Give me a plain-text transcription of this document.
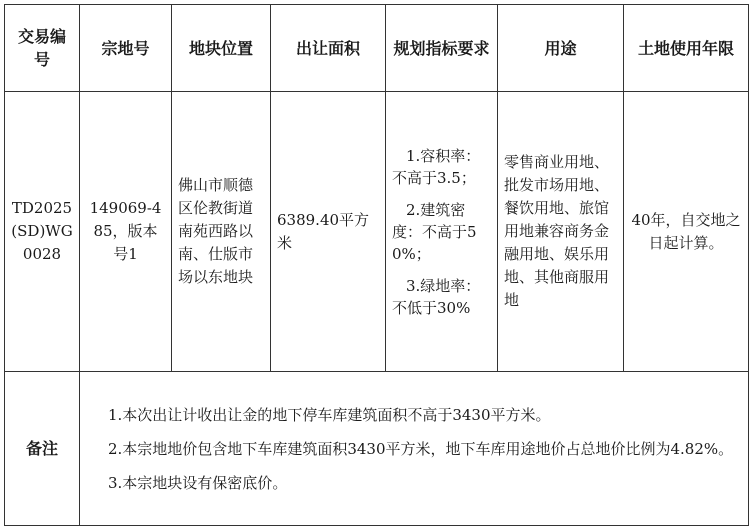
交易编号	宗地号	地块位置	出让面积	规划指标要求	用途	土地使用年限
TD2025(SD)WG0028	149069-485，版本号1	佛山市顺德区伦教街道南苑西路以南、仕版市场以东地块	6389.40平方米	1.容积率：不高于3.5；
2.建筑密度：不高于50%；
3.绿地率：不低于30%	零售商业用地、批发市场用地、餐饮用地、旅馆用地兼容商务金融用地、娱乐用地、其他商服用地	40年，自交地之日起计算。
备注	1.本次出让计收出让金的地下停车库建筑面积不高于3430平方米。
2.本宗地地价包含地下车库建筑面积3430平方米，地下车库用途地价占总地价比例为4.82%。
3.本宗地块设有保密底价。					
